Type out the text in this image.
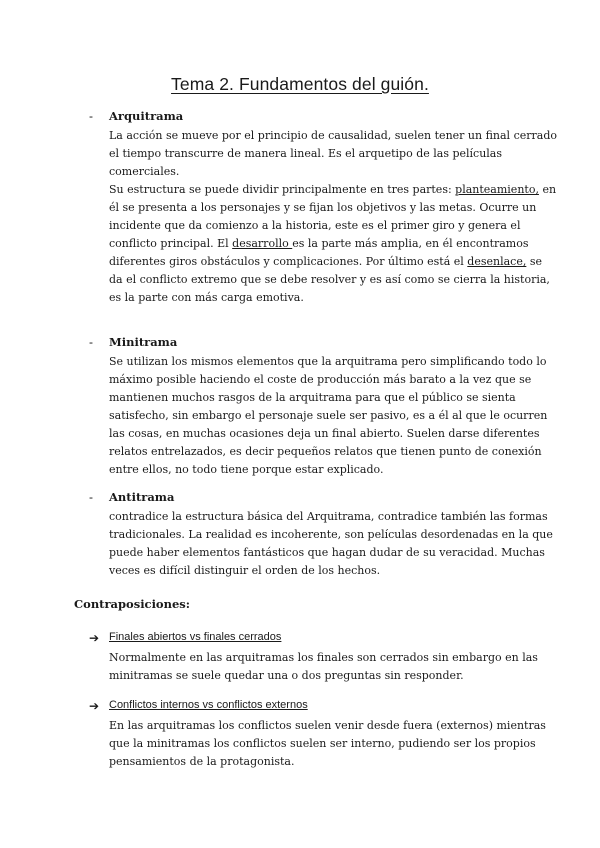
Tema 2. Fundamentos del guión.
- Arquitrama
La acción se mueve por el principio de causalidad, suelen tener un final cerrado
el tiempo transcurre de manera lineal. Es el arquetipo de las películas
comerciales.
Su estructura se puede dividir principalmente en tres partes: planteamiento, en
él se presenta a los personajes y se fijan los objetivos y las metas. Ocurre un
incidente que da comienzo a la historia, este es el primer giro y genera el
conflicto principal. El desarrollo es la parte más amplia, en él encontramos
diferentes giros obstáculos y complicaciones. Por último está el desenlace, se
da el conflicto extremo que se debe resolver y es así como se cierra la historia,
es la parte con más carga emotiva.
- Minitrama
Se utilizan los mismos elementos que la arquitrama pero simplificando todo lo
máximo posible haciendo el coste de producción más barato a la vez que se
mantienen muchos rasgos de la arquitrama para que el público se sienta
satisfecho, sin embargo el personaje suele ser pasivo, es a él al que le ocurren
las cosas, en muchas ocasiones deja un final abierto. Suelen darse diferentes
relatos entrelazados, es decir pequeños relatos que tienen punto de conexión
entre ellos, no todo tiene porque estar explicado.
- Antitrama
contradice la estructura básica del Arquitrama, contradice también las formas
tradicionales. La realidad es incoherente, son películas desordenadas en la que
puede haber elementos fantásticos que hagan dudar de su veracidad. Muchas
veces es difícil distinguir el orden de los hechos.
Contraposiciones:
➔ Finales abiertos vs finales cerrados
Normalmente en las arquitramas los finales son cerrados sin embargo en las
minitramas se suele quedar una o dos preguntas sin responder.
➔ Conflictos internos vs conflictos externos
En las arquitramas los conflictos suelen venir desde fuera (externos) mientras
que la minitramas los conflictos suelen ser interno, pudiendo ser los propios
pensamientos de la protagonista.
